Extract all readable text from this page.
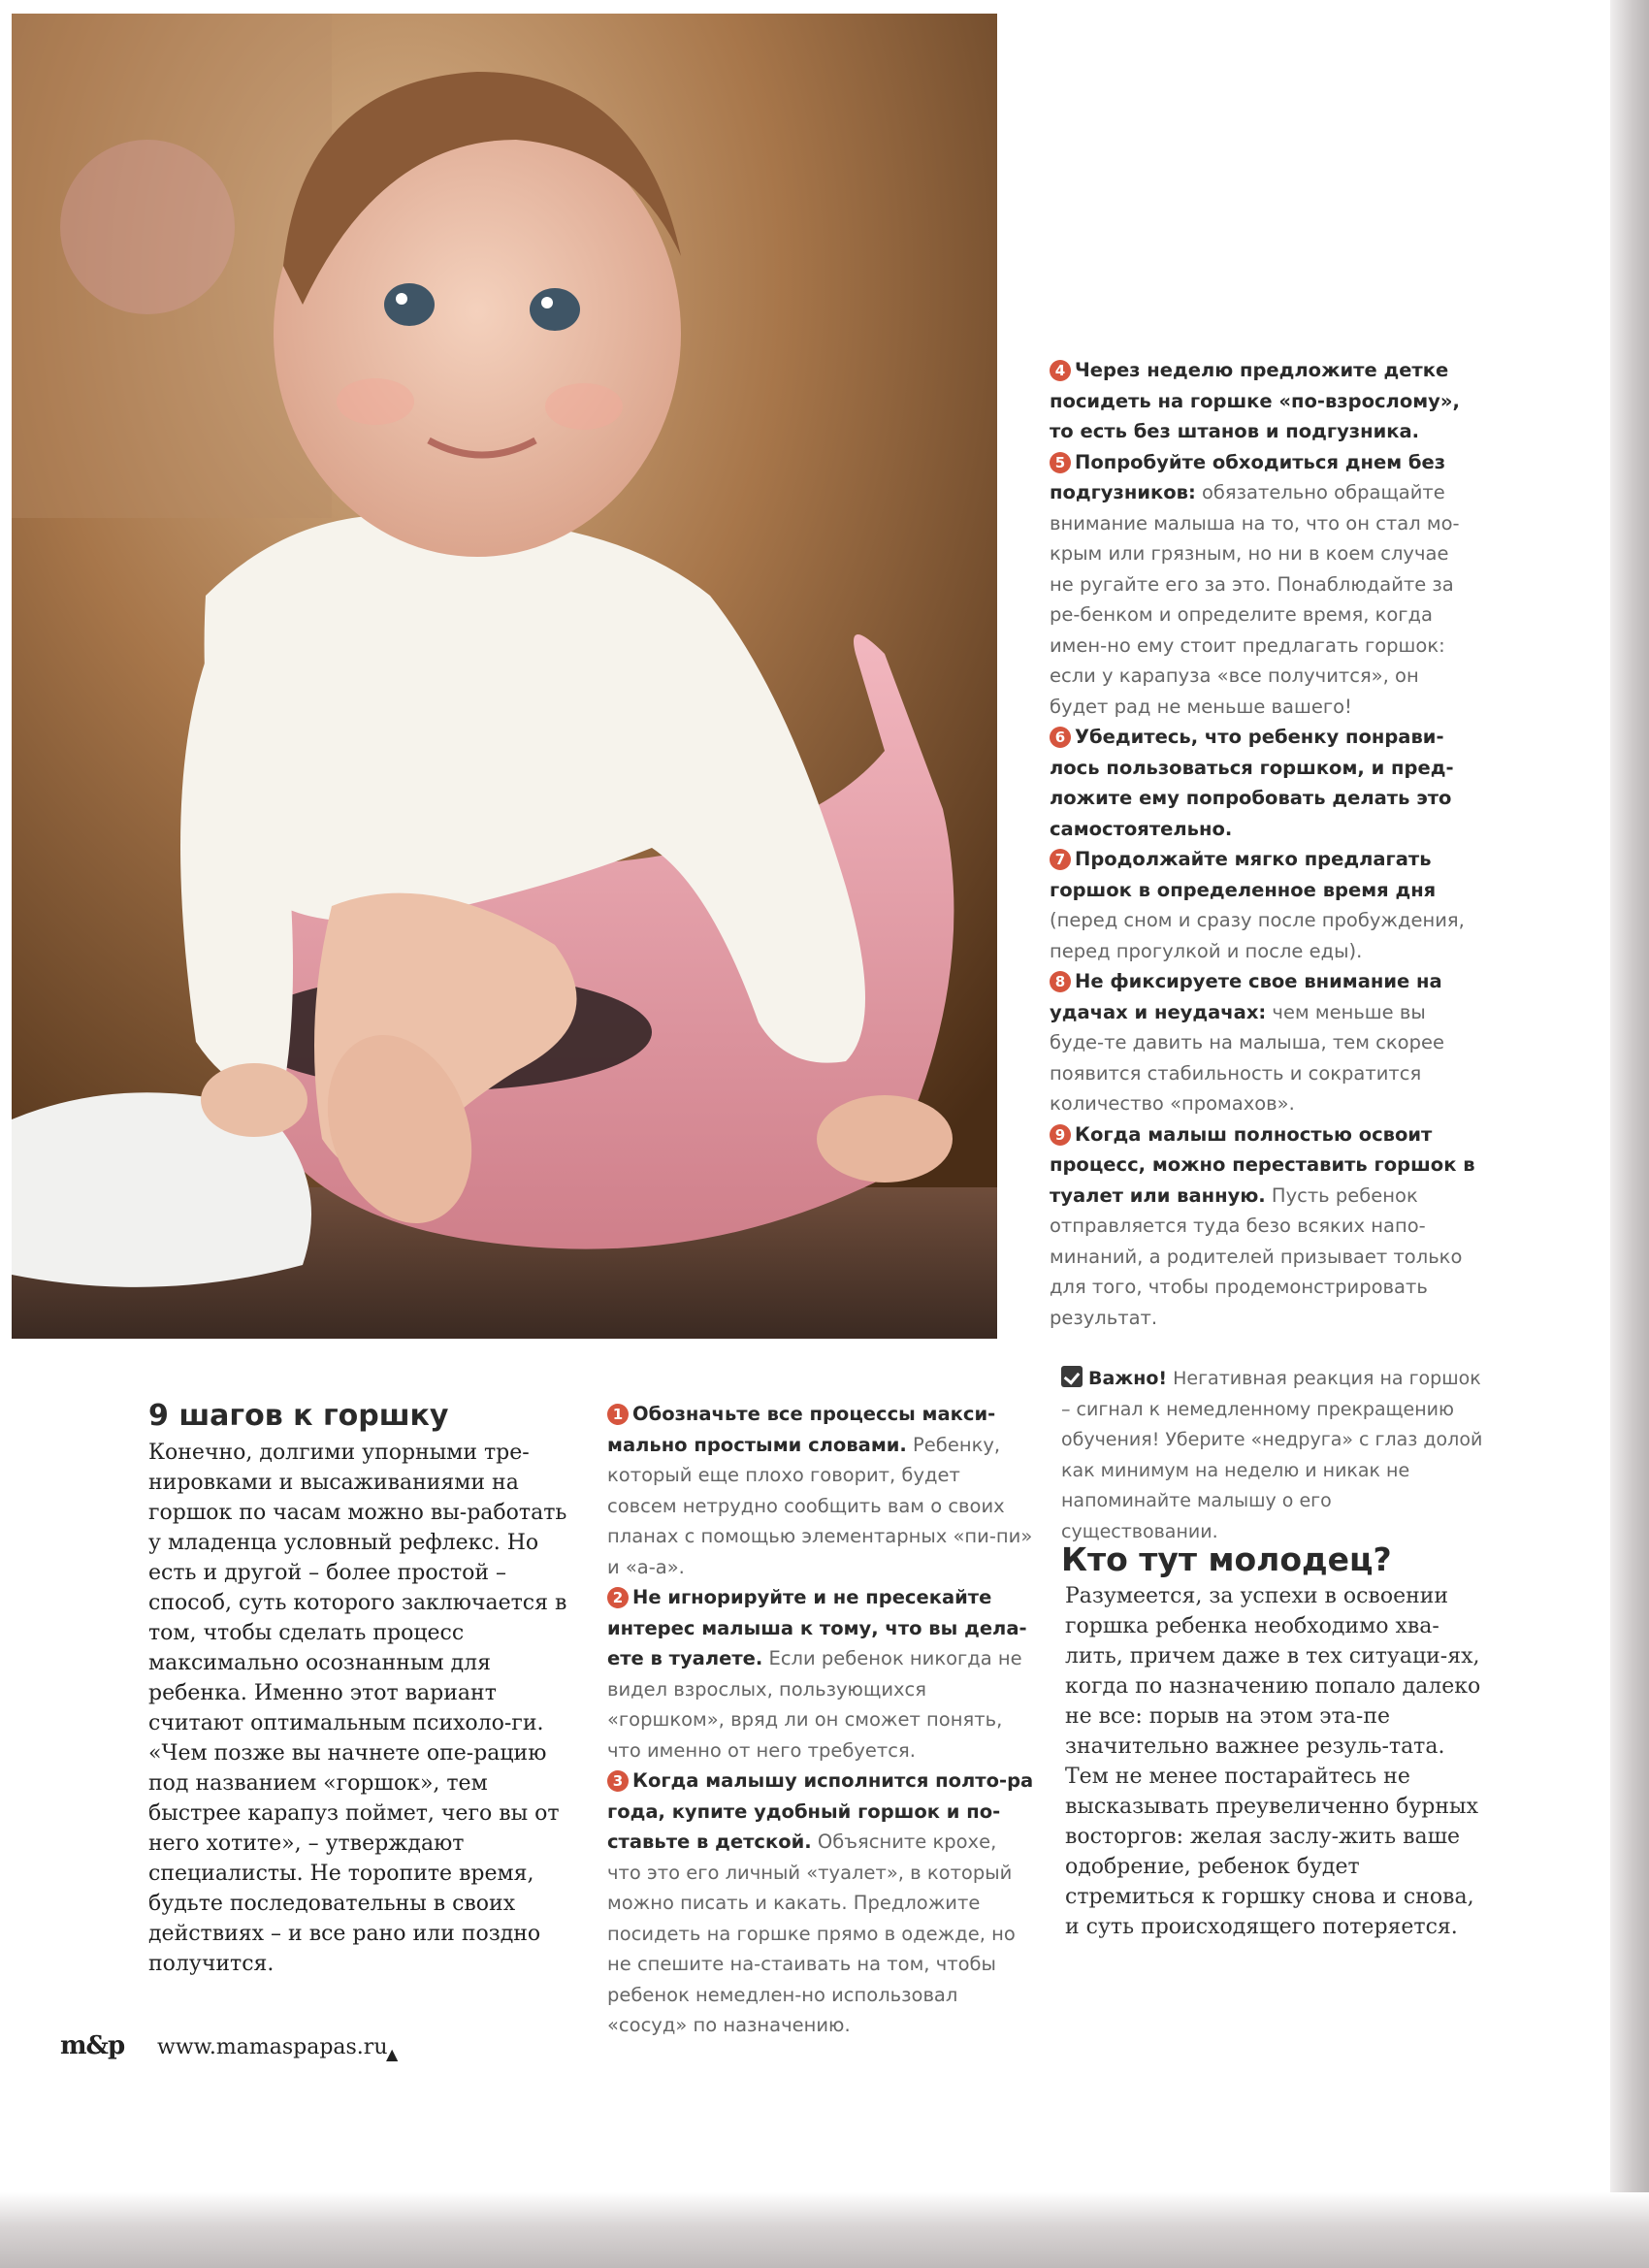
4 Через неделю предложите детке посидеть на горшке «по-взрослому», то есть без штанов и подгузника.

5 Попробуйте обходиться днем без подгузников: обязательно обращайте внимание малыша на то, что он стал мо-крым или грязным, но ни в коем случае не ругайте его за это. Понаблюдайте за ре-бенком и определите время, когда имен-но ему стоит предлагать горшок: если у карапуза «все получится», он будет рад не меньше вашего!

6 Убедитесь, что ребенку понрави-лось пользоваться горшком, и пред-ложите ему попробовать делать это самостоятельно.

7 Продолжайте мягко предлагать горшок в определенное время дня (перед сном и сразу после пробуждения, перед прогулкой и после еды).

8 Не фиксируете свое внимание на удачах и неудачах: чем меньше вы буде-те давить на малыша, тем скорее появится стабильность и сократится количество «промахов».

9 Когда малыш полностью освоит процесс, можно переставить горшок в туалет или ванную. Пусть ребенок отправляется туда безо всяких напо-минаний, а родителей призывает только для того, чтобы продемонстрировать результат.

Важно! Негативная реакция на горшок – сигнал к немедленному прекращению обучения! Уберите «недруга» с глаз долой как минимум на неделю и никак не напоминайте малышу о его существовании.
Кто тут молодец?

Разумеется, за успехи в освоении горшка ребенка необходимо хва-лить, причем даже в тех ситуаци-ях, когда по назначению попало далеко не все: порыв на этом эта-пе значительно важнее резуль-тата. Тем не менее постарайтесь не высказывать преувеличенно бурных восторгов: желая заслу-жить ваше одобрение, ребенок будет стремиться к горшку снова и снова, и суть происходящего потеряется.

1 Обозначьте все процессы макси-мально простыми словами. Ребенку, который еще плохо говорит, будет совсем нетрудно сообщить вам о своих планах с помощью элементарных «пи-пи» и «а-а».

2 Не игнорируйте и не пресекайте интерес малыша к тому, что вы дела-ете в туалете. Если ребенок никогда не видел взрослых, пользующихся «горшком», вряд ли он сможет понять, что именно от него требуется.

3 Когда малышу исполнится полто-ра года, купите удобный горшок и по-ставьте в детской. Объясните крохе, что это его личный «туалет», в который можно писать и какать. Предложите посидеть на горшке прямо в одежде, но не спешите на-стаивать на том, чтобы ребенок немедлен-но использовал «сосуд» по назначению.

9 шагов к горшку

Конечно, долгими упорными тре-нировками и высаживаниями на горшок по часам можно вы-работать у младенца условный рефлекс. Но есть и другой – более простой – способ, суть которого заключается в том, чтобы сделать процесс максимально осознанным для ребенка. Именно этот вариант считают оптимальным психоло-ги. «Чем позже вы начнете опе-рацию под названием «горшок», тем быстрее карапуз поймет, чего вы от него хотите», – утверждают специалисты. Не торопите время, будьте последовательны в своих действиях – и все рано или поздно получится.

m&p www.mamaspapas.ru
▲
